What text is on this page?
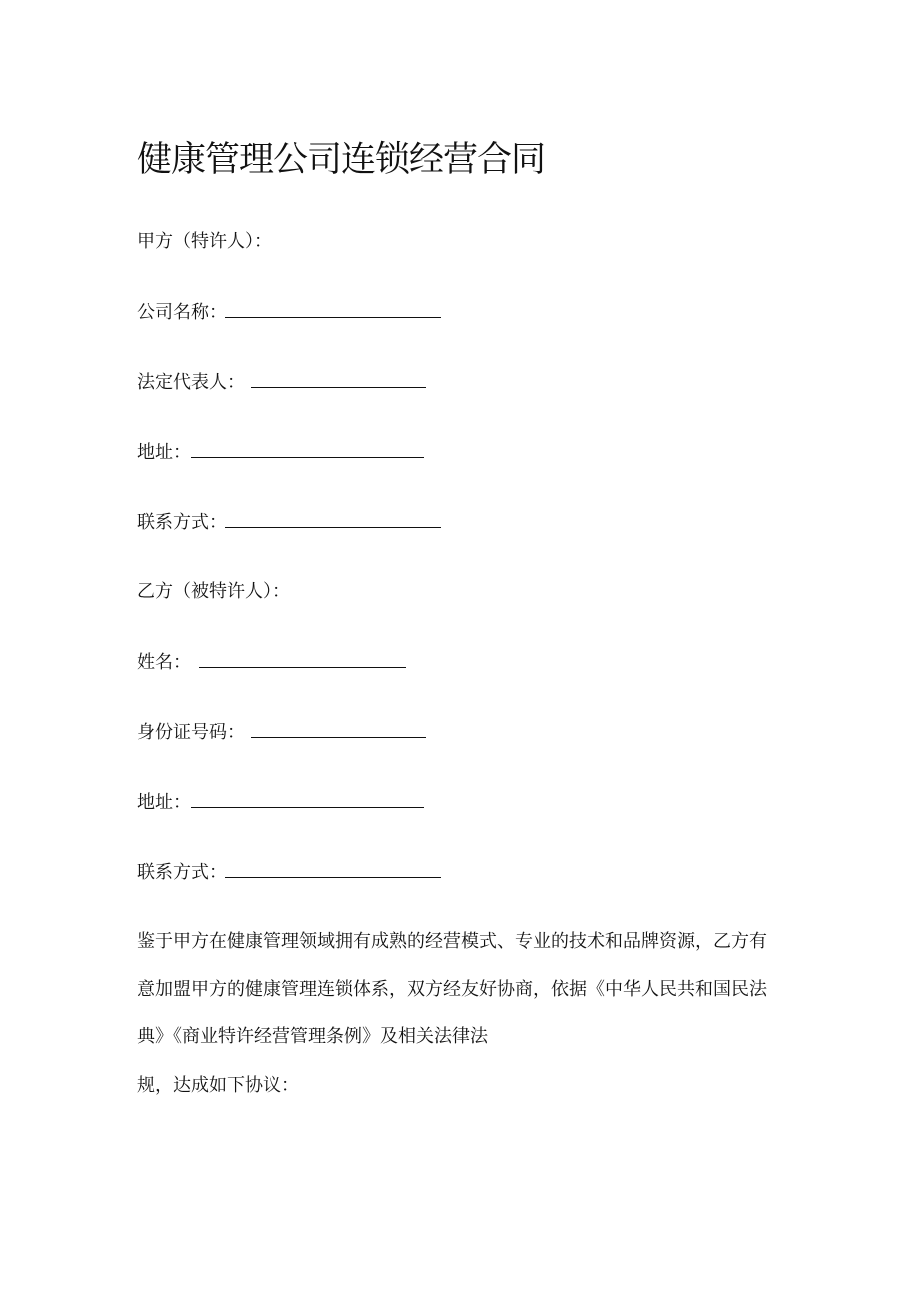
健康管理公司连锁经营合同
甲方（特许人）：
公司名称：
法定代表人：
地址：
联系方式：
乙方（被特许人）：
姓名：
身份证号码：
地址：
联系方式：
鉴于甲方在健康管理领域拥有成熟的经营模式、专业的技术和品牌资源，乙方有
意加盟甲方的健康管理连锁体系，双方经友好协商，依据《中华人民共和国民法
典》《商业特许经营管理条例》及相关法律法
规，达成如下协议：
